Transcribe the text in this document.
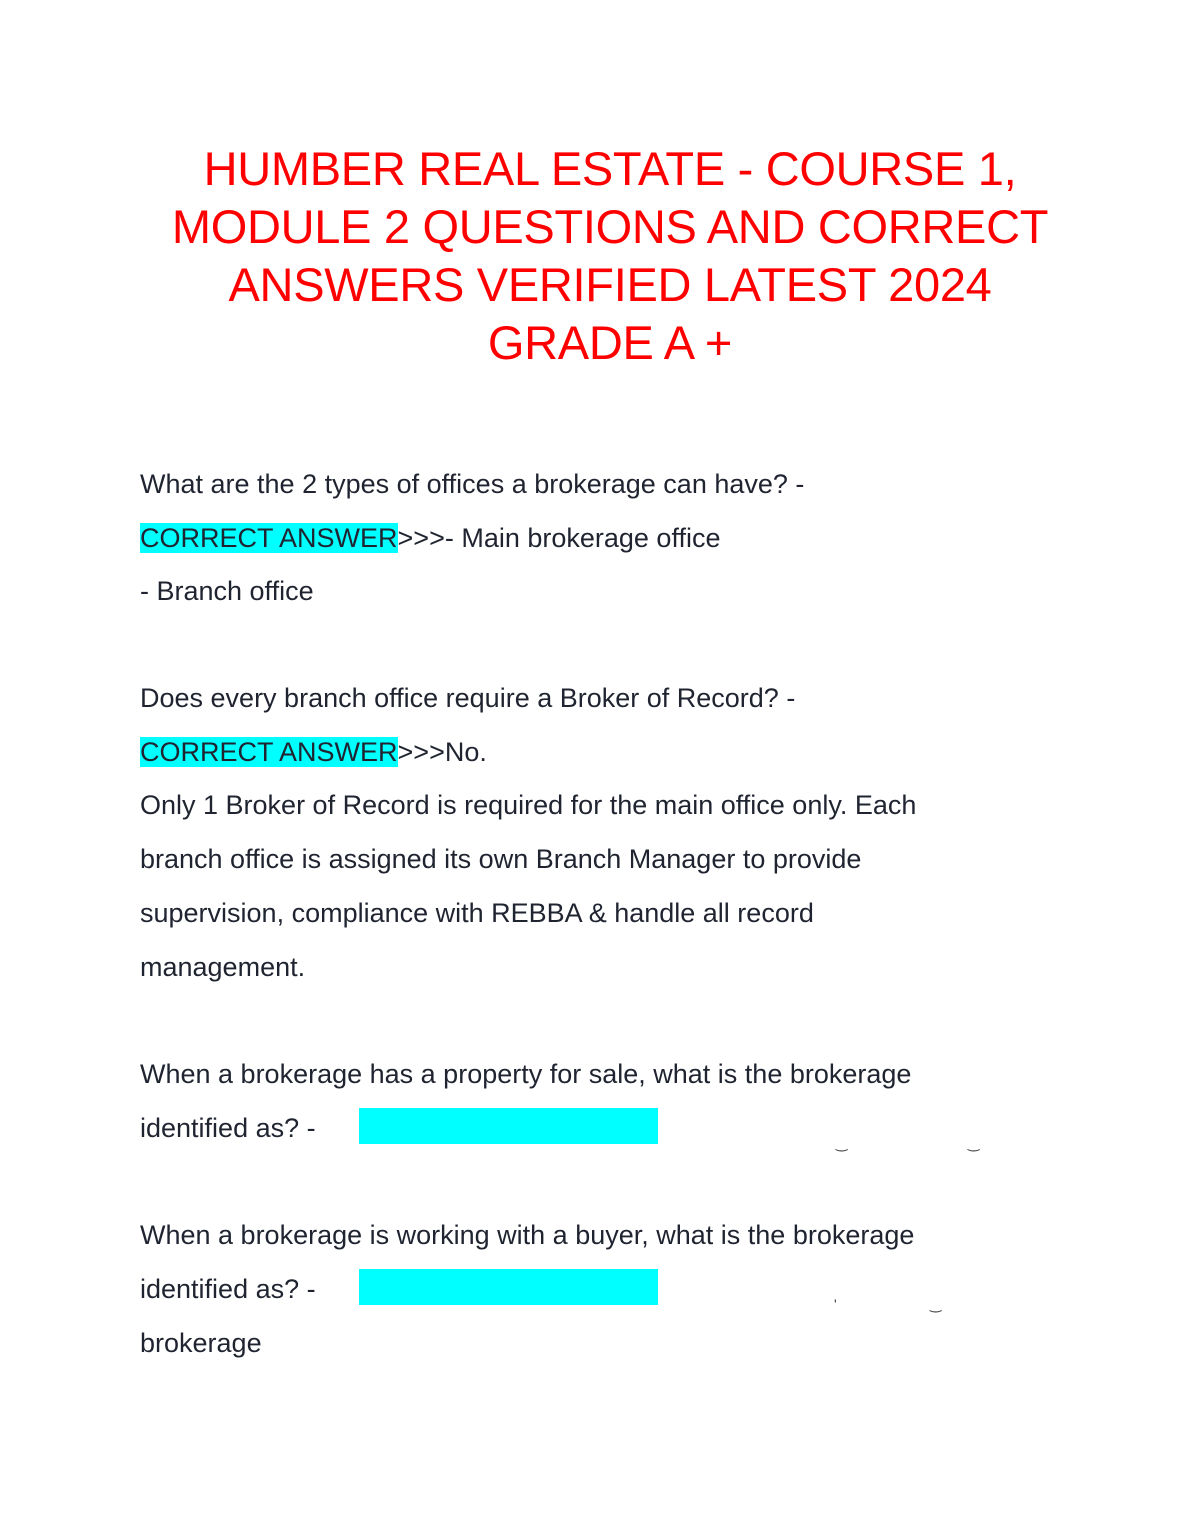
HUMBER REAL ESTATE - COURSE 1,
MODULE 2 QUESTIONS AND CORRECT
ANSWERS VERIFIED LATEST 2024
GRADE A +
What are the 2 types of offices a brokerage can have? -
CORRECT ANSWER>>>- Main brokerage office
- Branch office
Does every branch office require a Broker of Record? -
CORRECT ANSWER>>>No.
Only 1 Broker of Record is required for the main office only. Each
branch office is assigned its own Branch Manager to provide
supervision, compliance with REBBA & handle all record
management.
When a brokerage has a property for sale, what is the brokerage
identified as? -	‿	‿
When a brokerage is working with a buyer, what is the brokerage
identified as? -	'	‿
brokerage
